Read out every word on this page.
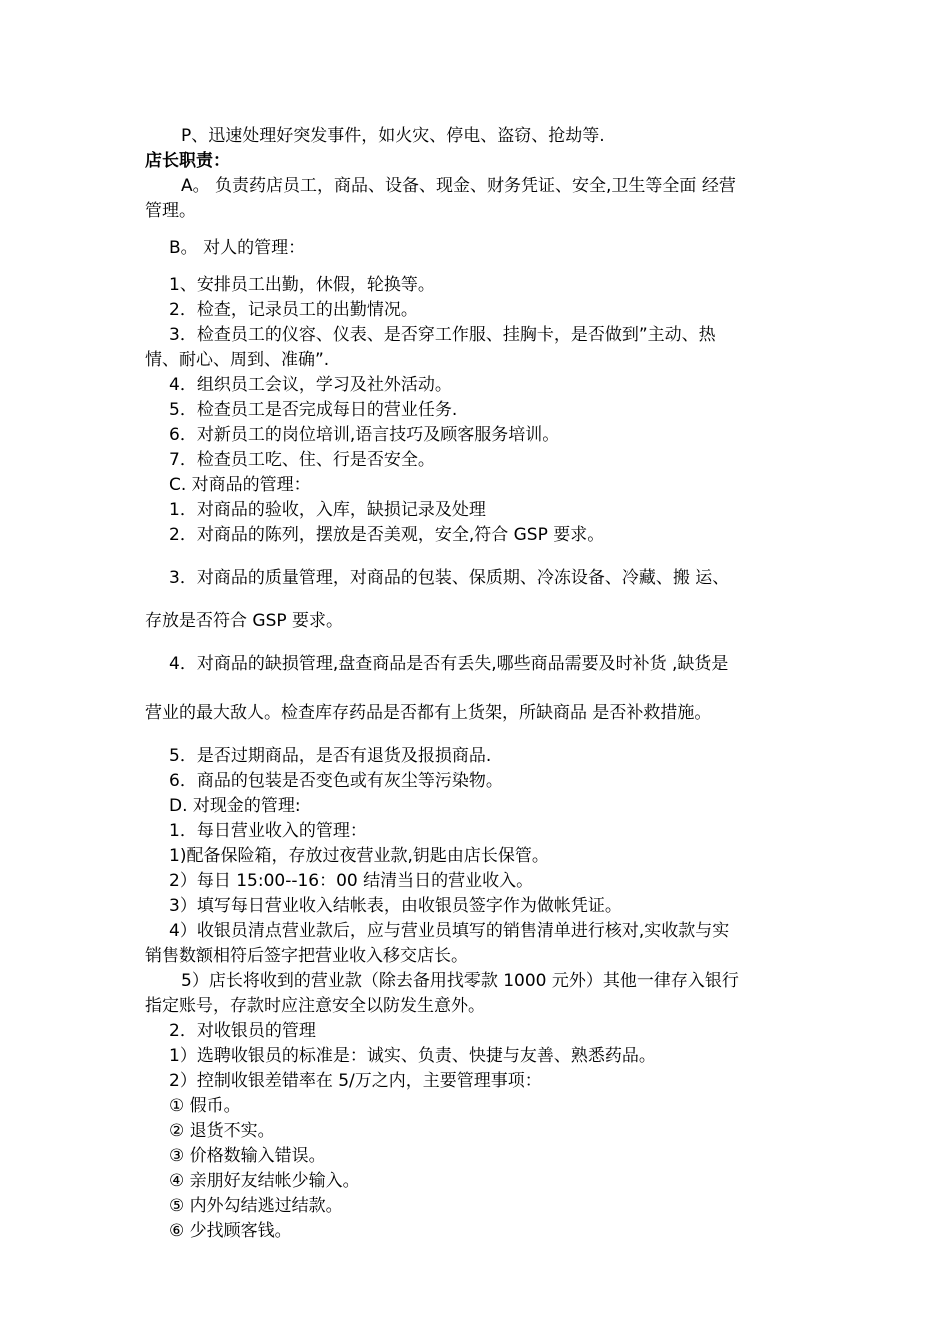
P、迅速处理好突发事件，如火灾、停电、盗窃、抢劫等.
店长职责：
A。 负责药店员工，商品、设备、现金、财务凭证、安全,卫生等全面 经营
管理。
B。 对人的管理：
1、安排员工出勤，休假，轮换等。
2．检查，记录员工的出勤情况。
3．检查员工的仪容、仪表、是否穿工作服、挂胸卡，是否做到”主动、热
情、耐心、周到、准确”.
4．组织员工会议，学习及社外活动。
5．检查员工是否完成每日的营业任务.
6．对新员工的岗位培训,语言技巧及顾客服务培训。
7．检查员工吃、住、行是否安全。
C. 对商品的管理：
1．对商品的验收，入库，缺损记录及处理
2．对商品的陈列，摆放是否美观，安全,符合 GSP 要求。
3．对商品的质量管理，对商品的包装、保质期、冷冻设备、冷藏、搬 运、
存放是否符合 GSP 要求。
4．对商品的缺损管理,盘查商品是否有丢失,哪些商品需要及时补货 ,缺货是
营业的最大敌人。检查库存药品是否都有上货架，所缺商品 是否补救措施。
5．是否过期商品，是否有退货及报损商品.
6．商品的包装是否变色或有灰尘等污染物。
D. 对现金的管理:
1．每日营业收入的管理：
1)配备保险箱，存放过夜营业款,钥匙由店长保管。
2）每日 15:00--16：00 结清当日的营业收入。
3）填写每日营业收入结帐表，由收银员签字作为做帐凭证。
4）收银员清点营业款后，应与营业员填写的销售清单进行核对,实收款与实
销售数额相符后签字把营业收入移交店长。
5）店长将收到的营业款（除去备用找零款 1000 元外）其他一律存入银行
指定账号，存款时应注意安全以防发生意外。
2．对收银员的管理
1）选聘收银员的标准是：诚实、负责、快捷与友善、熟悉药品。
2）控制收银差错率在 5/万之内，主要管理事项：
① 假币。
② 退货不实。
③ 价格数输入错误。
④ 亲朋好友结帐少输入。
⑤ 内外勾结逃过结款。
⑥ 少找顾客钱。
